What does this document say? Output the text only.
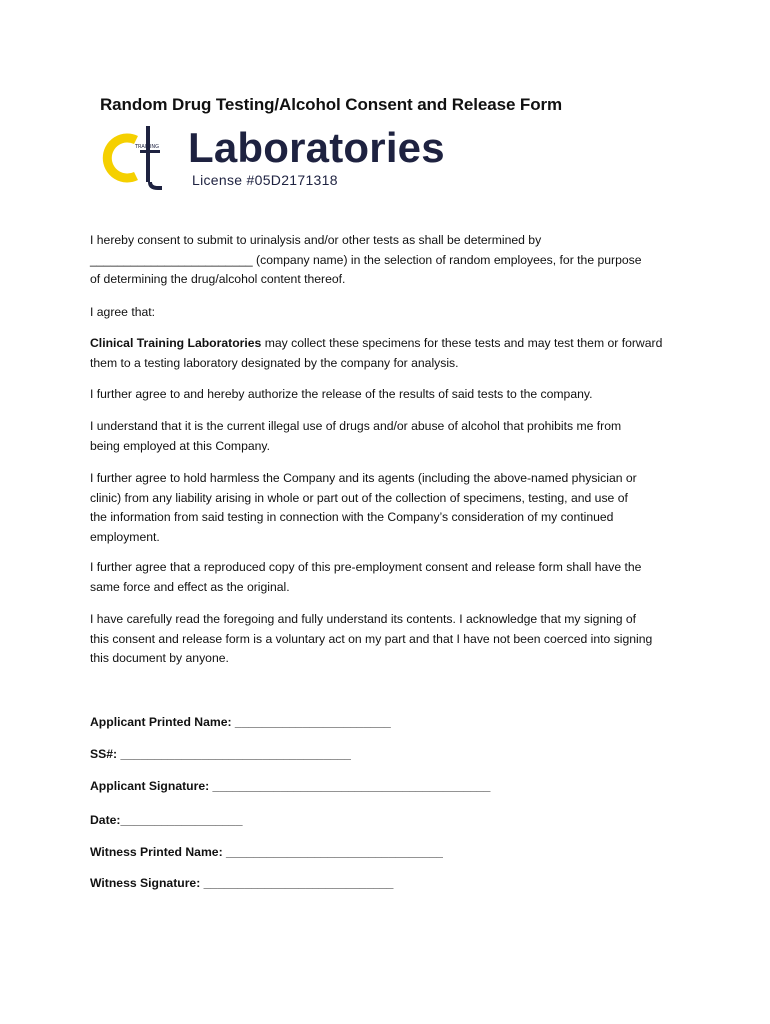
Random Drug Testing/Alcohol Consent and Release Form
TRAINING Laboratories
License #05D2171318
I hereby consent to submit to urinalysis and/or other tests as shall be determined by
________________________ (company name) in the selection of random employees, for the purpose
of determining the drug/alcohol content thereof.
I agree that:
Clinical Training Laboratories may collect these specimens for these tests and may test them or forward
them to a testing laboratory designated by the company for analysis.
I further agree to and hereby authorize the release of the results of said tests to the company.
I understand that it is the current illegal use of drugs and/or abuse of alcohol that prohibits me from
being employed at this Company.
I further agree to hold harmless the Company and its agents (including the above-named physician or
clinic) from any liability arising in whole or part out of the collection of specimens, testing, and use of
the information from said testing in connection with the Company’s consideration of my continued
employment.
I further agree that a reproduced copy of this pre-employment consent and release form shall have the
same force and effect as the original.
I have carefully read the foregoing and fully understand its contents. I acknowledge that my signing of
this consent and release form is a voluntary act on my part and that I have not been coerced into signing
this document by anyone.
Applicant Printed Name: _______________________
SS#: __________________________________
Applicant Signature: _________________________________________
Date:__________________
Witness Printed Name: ________________________________
Witness Signature: ____________________________
